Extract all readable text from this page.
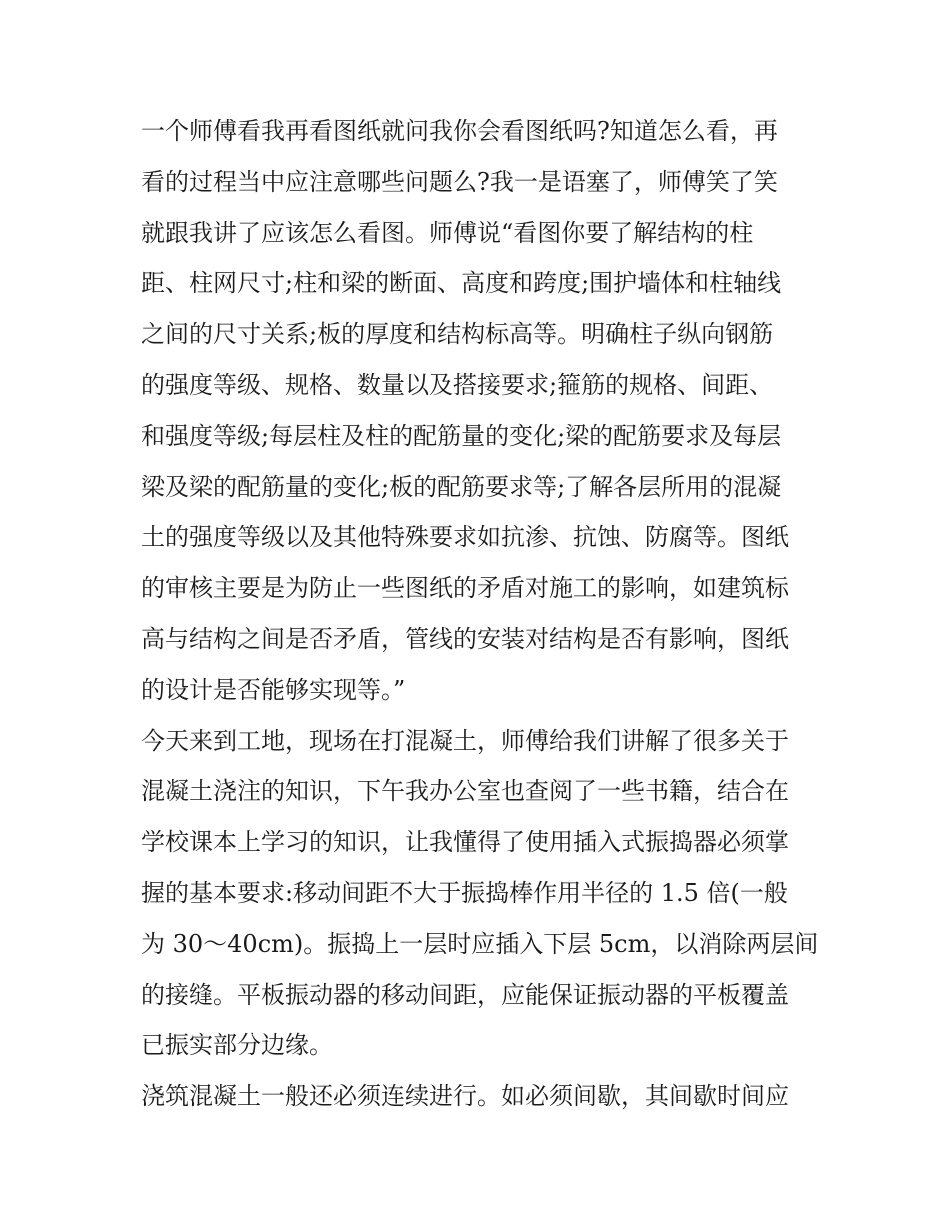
一个师傅看我再看图纸就问我你会看图纸吗?知道怎么看，再
看的过程当中应注意哪些问题么?我一是语塞了，师傅笑了笑
就跟我讲了应该怎么看图。师傅说“看图你要了解结构的柱
距、柱网尺寸;柱和梁的断面、高度和跨度;围护墙体和柱轴线
之间的尺寸关系;板的厚度和结构标高等。明确柱子纵向钢筋
的强度等级、规格、数量以及搭接要求;箍筋的规格、间距、
和强度等级;每层柱及柱的配筋量的变化;梁的配筋要求及每层
梁及梁的配筋量的变化;板的配筋要求等;了解各层所用的混凝
土的强度等级以及其他特殊要求如抗渗、抗蚀、防腐等。图纸
的审核主要是为防止一些图纸的矛盾对施工的影响，如建筑标
高与结构之间是否矛盾，管线的安装对结构是否有影响，图纸
的设计是否能够实现等。”
今天来到工地，现场在打混凝土，师傅给我们讲解了很多关于
混凝土浇注的知识，下午我办公室也查阅了一些书籍，结合在
学校课本上学习的知识，让我懂得了使用插入式振捣器必须掌
握的基本要求:移动间距不大于振捣棒作用半径的 1.5 倍(一般
为 30～40cm)。振捣上一层时应插入下层 5cm，以消除两层间
的接缝。平板振动器的移动间距，应能保证振动器的平板覆盖
已振实部分边缘。
浇筑混凝土一般还必须连续进行。如必须间歇，其间歇时间应
